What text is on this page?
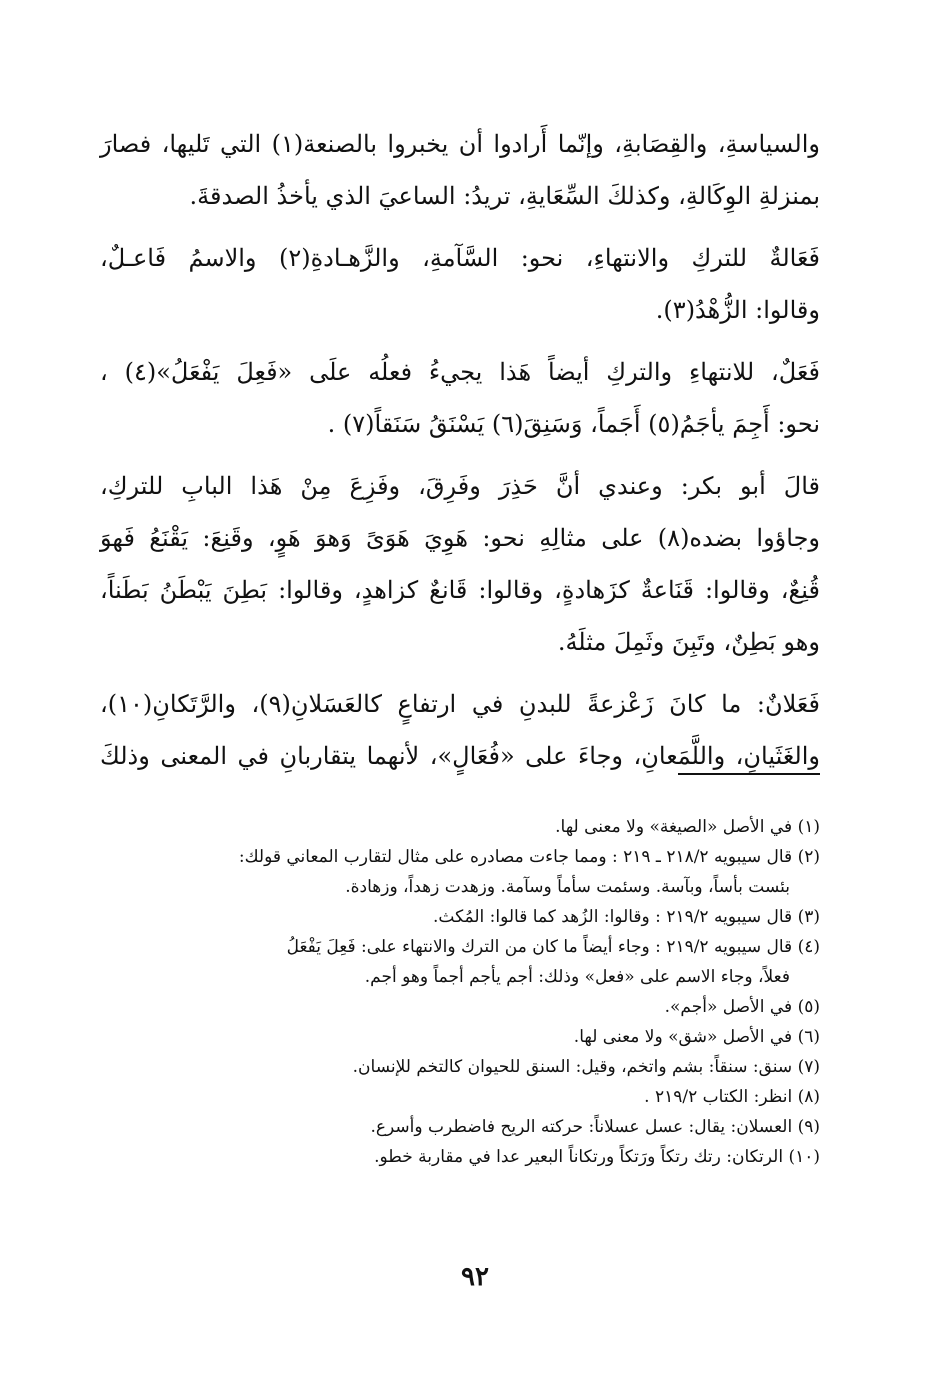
والسياسةِ، والقِصَابةِ، وإنّما أَرادوا أن يخبروا بالصنعة(١) التي تَليها، فصارَ
بمنزلةِ الوِكَالةِ، وكذلكَ السِّعَايةِ، تريدُ: الساعيَ الذي يأخذُ الصدقةَ.

فَعَالةٌ للتركِ والانتهاءِ، نحو: السَّآمةِ، والزَّهـادةِ(٢) والاسمُ فَاعـلٌ،
وقالوا: الزُّهْدُ(٣).

فَعَلٌ، للانتهاءِ والتركِ أيضاً هَذا يجيءُ فعلُه علَى «فَعِلَ يَفْعَلُ»(٤) ،
نحو: أَجِمَ يأجَمُ(٥) أَجَماً، وَسَنِقَ(٦) يَسْنَقُ سَنَقاً(٧) .

قالَ أبو بكر: وعندي أنَّ حَذِرَ وفَرِقَ، وفَزِعَ مِنْ هَذا البابِ للتركِ،
وجاؤوا بضده(٨) على مثالِهِ نحو: هَوِيَ هَوَىً وَهوَ هَوٍ، وقَنِعَ: يَقْنَعُ فَهوَ
قُنِعٌ، وقالوا: قَنَاعةٌ كزَهادةٍ، وقالوا: قَانعٌ كزاهدٍ، وقالوا: بَطِنَ يَبْطَنُ بَطَناً،
وهو بَطِنٌ، وتَبِنَ وثَمِلَ مثلَهُ.

فَعَلانٌ: ما كانَ زَعْزعةً للبدنِ في ارتفاعٍ كالعَسَلانِ(٩)، والرَّتَكانِ(١٠)،
والغَثَيانِ، واللَّمَعانِ، وجاءَ على «فُعَالٍ»، لأنهما يتقاربانِ في المعنى وذلكَ

(١) في الأصل «الصيغة» ولا معنى لها.
(٢) قال سيبويه ٢١٨/٢ ـ ٢١٩ : ومما جاءت مصادره على مثال لتقارب المعاني قولك:
بئست بأساً، وبآسة. وسئمت سأماً وسآمة. وزهدت زهداً، وزهادة.
(٣) قال سيبويه ٢١٩/٢ : وقالوا: الزُهد كما قالوا: المُكث.
(٤) قال سيبويه ٢١٩/٢ : وجاء أيضاً ما كان من الترك والانتهاء على: فَعِلَ يَفْعَلُ
فعلاً، وجاء الاسم على «فعل» وذلك: أجم يأجم أجماً وهو أجم.
(٥) في الأصل «أجم».
(٦) في الأصل «شق» ولا معنى لها.
(٧) سنق: سنقاً: بشم واتخم، وقيل: السنق للحيوان كالتخم للإنسان.
(٨) انظر: الكتاب ٢١٩/٢ .
(٩) العسلان: يقال: عسل عسلاناً: حركته الريح فاضطرب وأسرع.
(١٠) الرتكان: رتك رتكاً ورَتكاً ورتكاناً البعير عدا في مقاربة خطو.
٩٢
